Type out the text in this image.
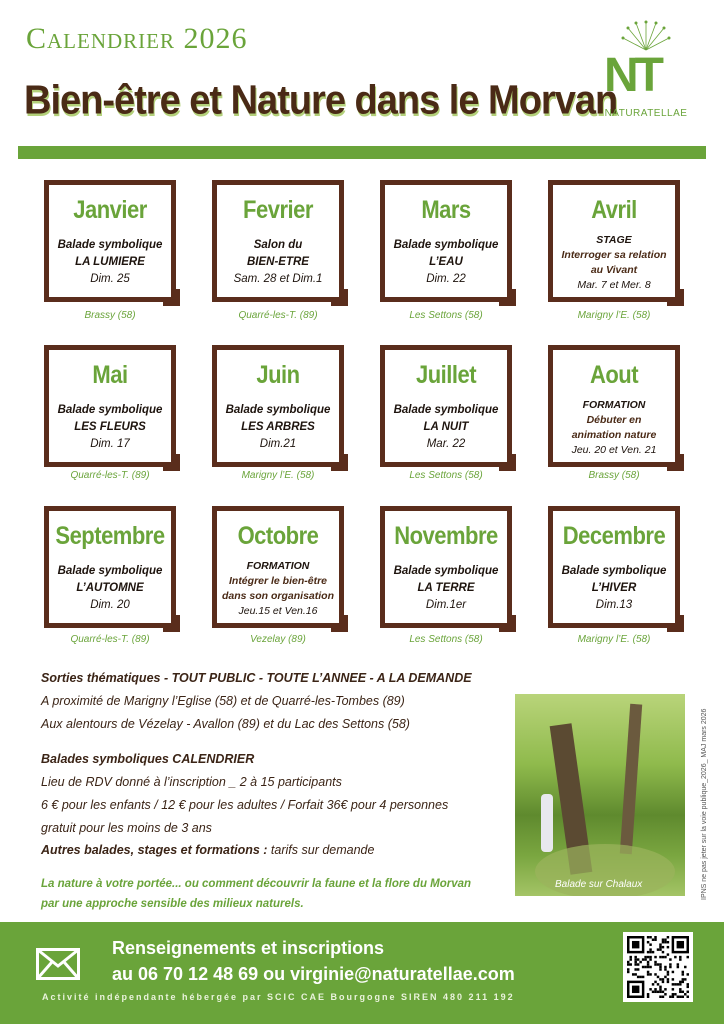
Calendrier 2026
Bien-être et Nature dans le Morvan
NT
NATURATELLAE
Janvier
Balade symbolique
LA LUMIERE
Dim. 25
Brassy (58)
Fevrier
Salon du
BIEN-ETRE
Sam. 28 et Dim.1
Quarré-les-T. (89)
Mars
Balade symbolique
L’EAU
Dim. 22
Les Settons (58)
Avril
STAGE
Interroger sa relation
au Vivant
Mar. 7 et Mer. 8
Marigny l’E. (58)
Mai
Balade symbolique
LES FLEURS
Dim. 17
Quarré-les-T. (89)
Juin
Balade symbolique
LES ARBRES
Dim.21
Marigny l’E. (58)
Juillet
Balade symbolique
LA NUIT
Mar. 22
Les Settons (58)
Aout
FORMATION
Débuter en
animation nature
Jeu. 20 et Ven. 21
Brassy (58)
Septembre
Balade symbolique
L’AUTOMNE
Dim. 20
Quarré-les-T. (89)
Octobre
FORMATION
Intégrer le bien-être
dans son organisation
Jeu.15 et Ven.16
Vezelay (89)
Novembre
Balade symbolique
LA TERRE
Dim.1er
Les Settons (58)
Decembre
Balade symbolique
L’HIVER
Dim.13
Marigny l’E. (58)
Sorties thématiques - TOUT PUBLIC - TOUTE L’ANNEE - A LA DEMANDE
A proximité de Marigny l’Eglise (58) et de Quarré-les-Tombes (89)
Aux alentours de Vézelay - Avallon (89) et du Lac des Settons (58)
Balades symboliques CALENDRIER
Lieu de RDV donné à l’inscription _ 2 à 15 participants
6 € pour les enfants / 12 € pour les adultes / Forfait 36€ pour 4 personnes
gratuit pour les moins de 3 ans
Autres balades, stages et formations : tarifs sur demande
La nature à votre portée... ou comment découvrir la faune et la flore du Morvan
par une approche sensible des milieux naturels.
Balade sur Chalaux	IPNS ne pas jeter sur la voie publique_2026_ MAJ mars 2026
Renseignements et inscriptions
au 06 70 12 48 69 ou virginie@naturatellae.com
Activité indépendante hébergée par SCIC CAE Bourgogne SIREN 480 211 192
